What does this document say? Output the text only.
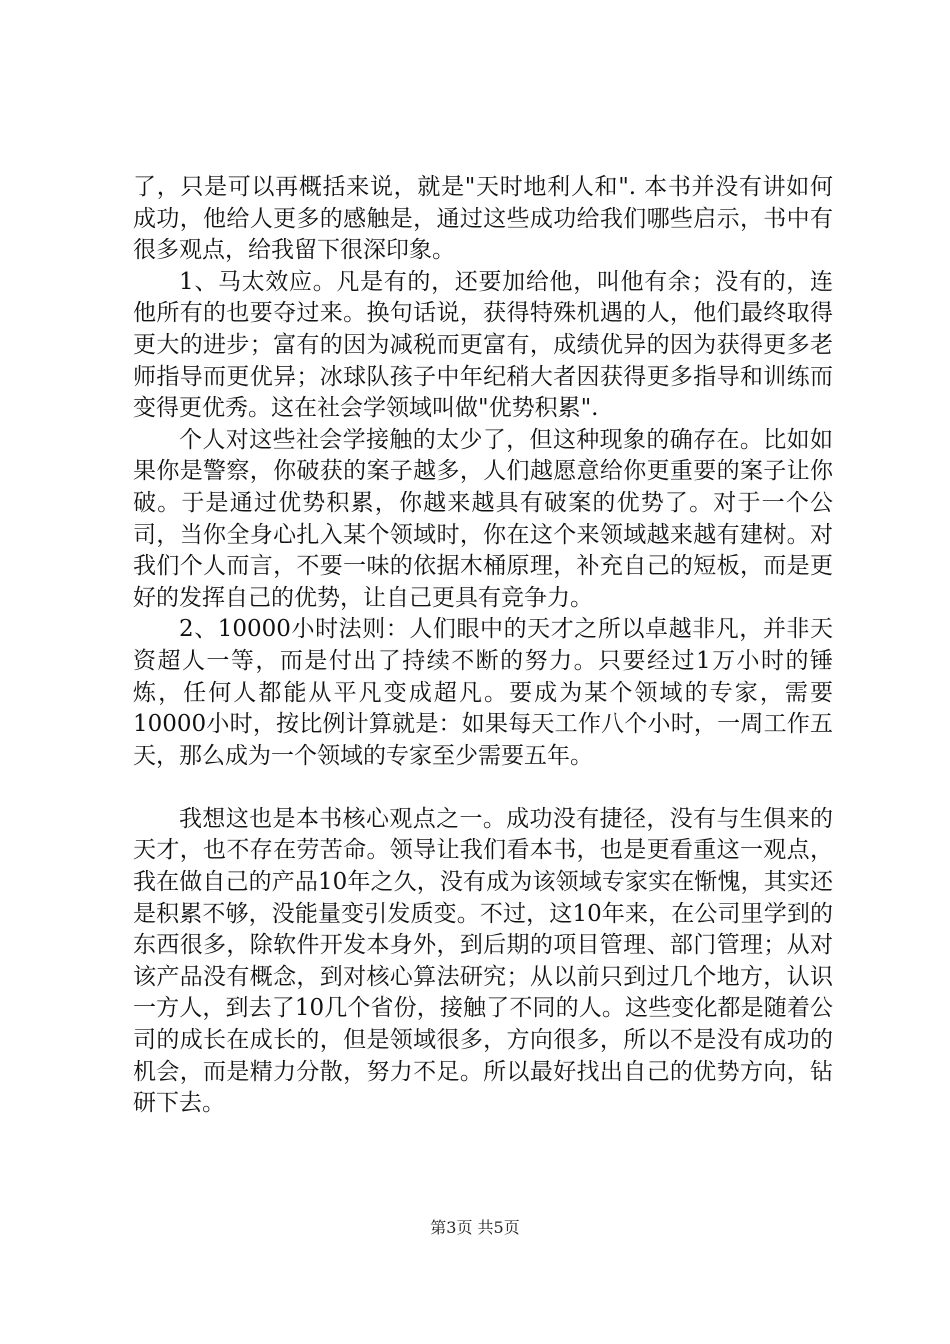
了，只是可以再概括来说，就是"天时地利人和". 本书并没有讲如何成功，他给人更多的感触是，通过这些成功给我们哪些启示，书中有很多观点，给我留下很深印象。

1、马太效应。凡是有的，还要加给他，叫他有余；没有的，连他所有的也要夺过来。换句话说，获得特殊机遇的人，他们最终取得更大的进步；富有的因为减税而更富有，成绩优异的因为获得更多老师指导而更优异；冰球队孩子中年纪稍大者因获得更多指导和训练而变得更优秀。这在社会学领域叫做"优势积累".

个人对这些社会学接触的太少了，但这种现象的确存在。比如如果你是警察，你破获的案子越多，人们越愿意给你更重要的案子让你破。于是通过优势积累，你越来越具有破案的优势了。对于一个公司，当你全身心扎入某个领域时，你在这个来领域越来越有建树。对我们个人而言，不要一味的依据木桶原理，补充自己的短板，而是更好的发挥自己的优势，让自己更具有竞争力。

2、10000小时法则：人们眼中的天才之所以卓越非凡，并非天资超人一等，而是付出了持续不断的努力。只要经过1万小时的锤炼，任何人都能从平凡变成超凡。要成为某个领域的专家，需要10000小时，按比例计算就是：如果每天工作八个小时，一周工作五天，那么成为一个领域的专家至少需要五年。

我想这也是本书核心观点之一。成功没有捷径，没有与生俱来的天才，也不存在劳苦命。领导让我们看本书，也是更看重这一观点，我在做自己的产品10年之久，没有成为该领域专家实在惭愧，其实还是积累不够，没能量变引发质变。不过，这10年来，在公司里学到的东西很多，除软件开发本身外，到后期的项目管理、部门管理；从对该产品没有概念，到对核心算法研究；从以前只到过几个地方，认识一方人，到去了10几个省份，接触了不同的人。这些变化都是随着公司的成长在成长的，但是领域很多，方向很多，所以不是没有成功的机会，而是精力分散，努力不足。所以最好找出自己的优势方向，钻研下去。

第3页 共5页
